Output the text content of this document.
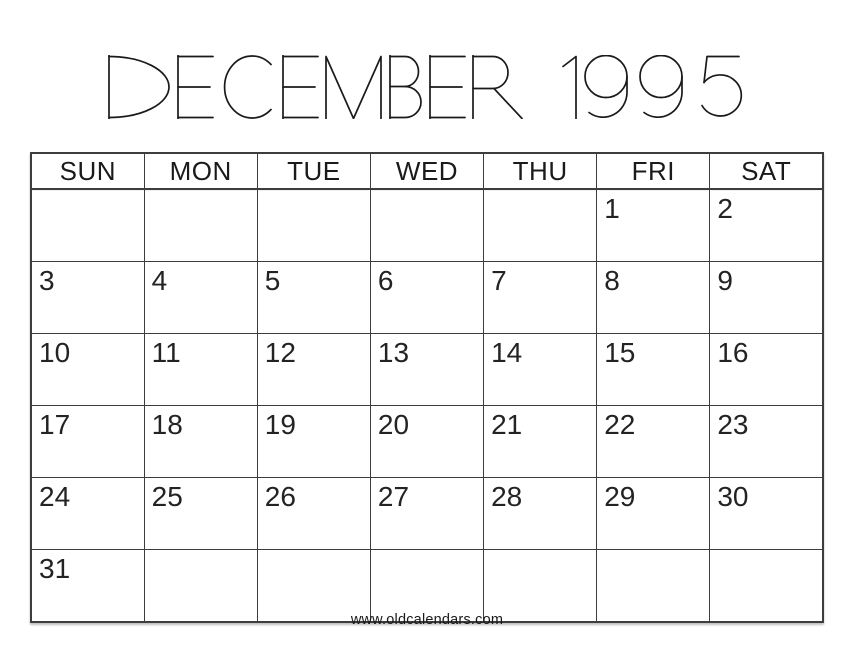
SUN	MON	TUE	WED	THU	FRI	SAT
					1	2
3	4	5	6	7	8	9
10	11	12	13	14	15	16
17	18	19	20	21	22	23
24	25	26	27	28	29	30
31						
www.oldcalendars.com
